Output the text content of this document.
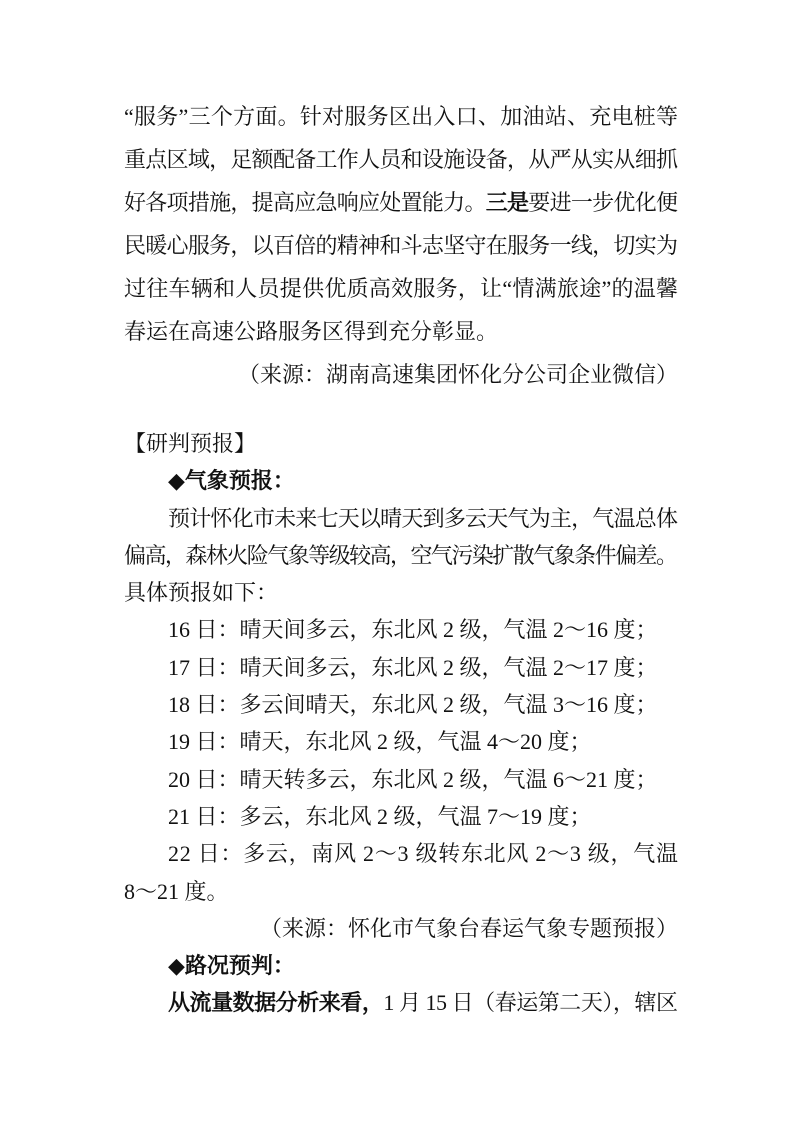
“服务”三个方面。针对服务区出入口、加油站、充电桩等
重点区域，足额配备工作人员和设施设备，从严从实从细抓
好各项措施，提高应急响应处置能力。三是要进一步优化便
民暖心服务，以百倍的精神和斗志坚守在服务一线，切实为
过往车辆和人员提供优质高效服务，让“情满旅途”的温馨
春运在高速公路服务区得到充分彰显。
（来源：湖南高速集团怀化分公司企业微信）
【研判预报】
◆气象预报：
预计怀化市未来七天以晴天到多云天气为主，气温总体
偏高，森林火险气象等级较高，空气污染扩散气象条件偏差。
具体预报如下：
16 日：晴天间多云，东北风 2 级，气温 2～16 度；
17 日：晴天间多云，东北风 2 级，气温 2～17 度；
18 日：多云间晴天，东北风 2 级，气温 3～16 度；
19 日：晴天，东北风 2 级，气温 4～20 度；
20 日：晴天转多云，东北风 2 级，气温 6～21 度；
21 日：多云，东北风 2 级，气温 7～19 度；
22 日：多云，南风 2～3 级转东北风 2～3 级，气温
8～21 度。
（来源：怀化市气象台春运气象专题预报）
◆路况预判：
从流量数据分析来看，1 月 15 日（春运第二天），辖区
